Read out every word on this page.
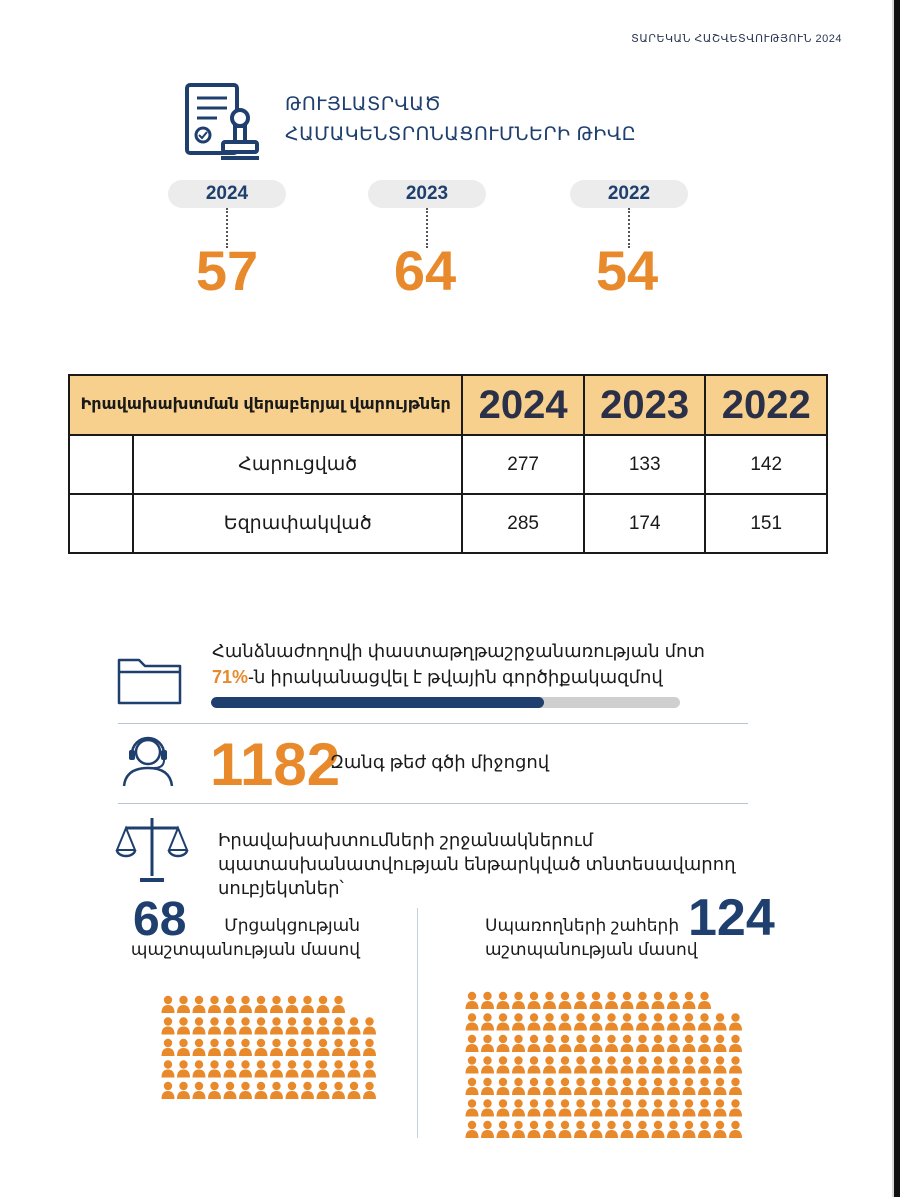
ՏԱՐԵԿԱՆ ՀԱՇՎԵՏՎՈՒԹՅՈՒՆ 2024
ԹՈՒՅԼԱՏՐՎԱԾ
ՀԱՄԱԿԵՆՏՐՈՆԱՑՈՒՄՆԵՐԻ ԹԻՎԸ
2024
57
2023
64
2022
54
Իրավախախտման վերաբերյալ վարույթներ		2024	2023	2022
	Հարուցված	277	133	142
	Եզրափակված	285	174	151
Հանձնաժողովի փաստաթղթաշրջանառության մոտ
71%-ն իրականացվել է թվային գործիքակազմով
1182
Զանգ թեժ գծի միջոցով
Իրավախախտումների շրջանակներում պատասխանատվության ենթարկված տնտեսավարող սուբյեկտներ՝
68	Մրցակցության պաշտպանության մասով
Սպառողների շահերի աշտպանության մասով
124
